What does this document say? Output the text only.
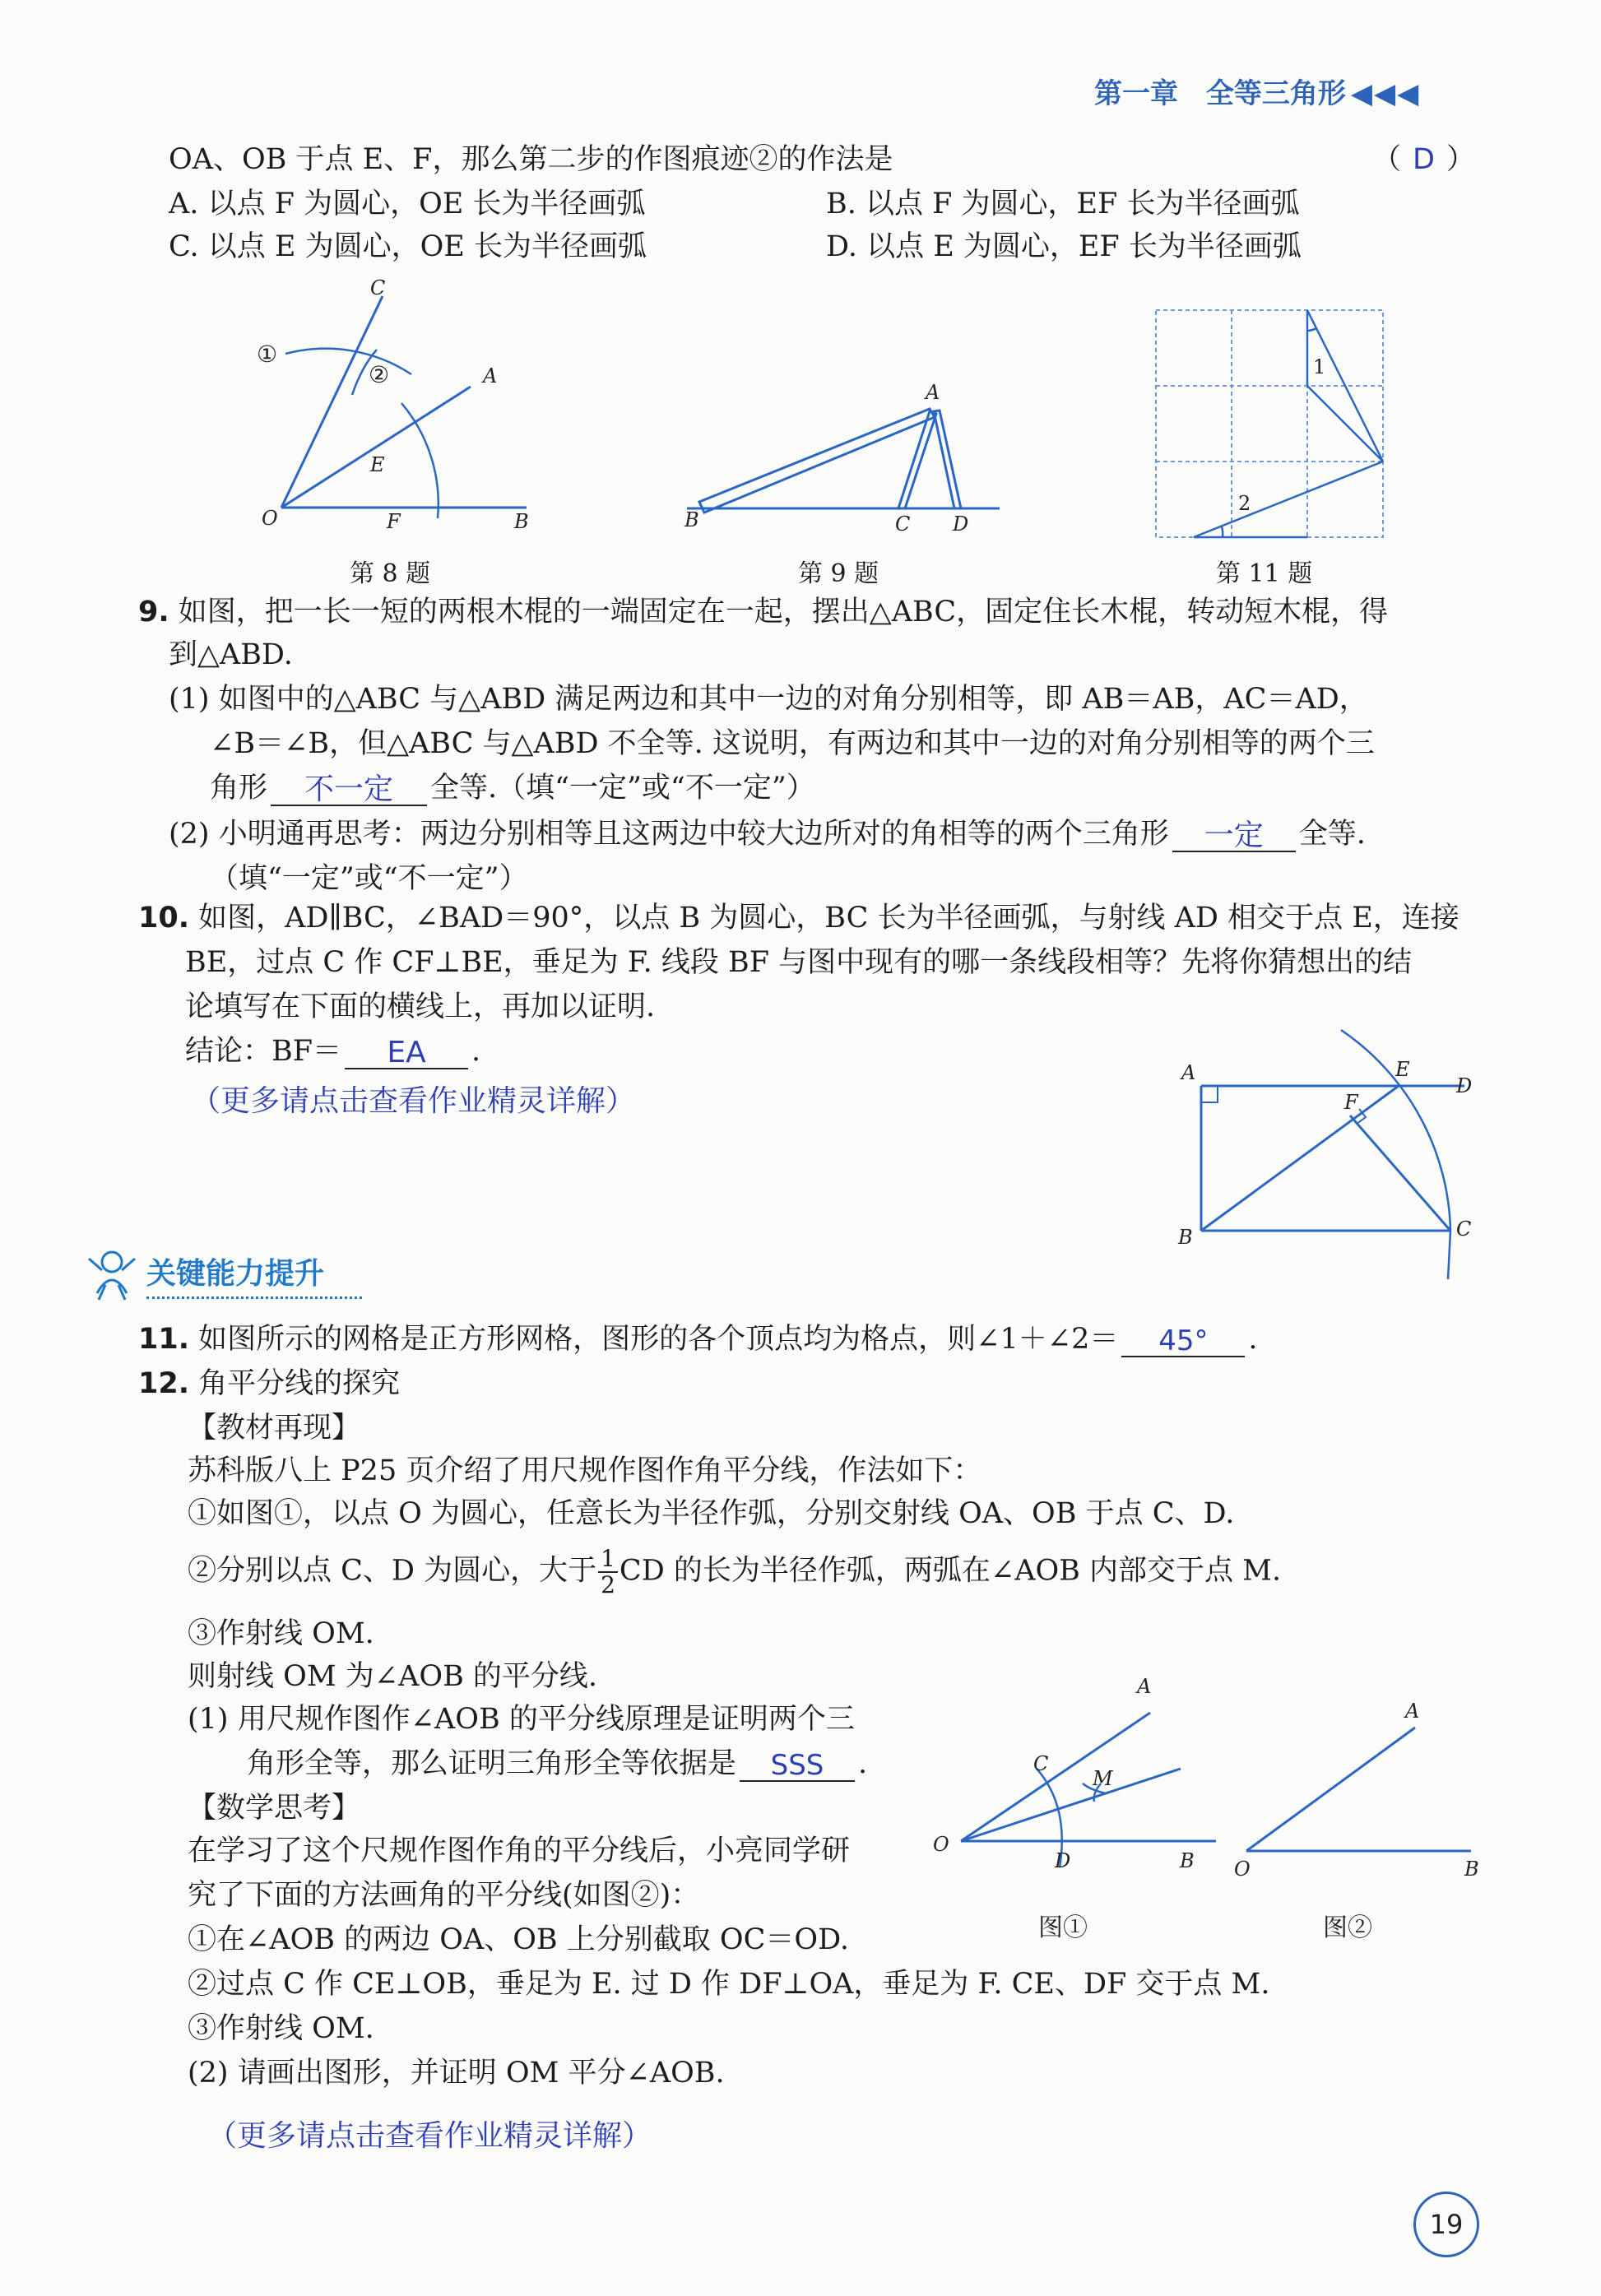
第一章 全等三角形 ◀◀◀
OA、OB 于点 E、F，那么第二步的作图痕迹②的作法是	（ D ）
A. 以点 F 为圆心，OE 长为半径画弧	B. 以点 F 为圆心，EF 长为半径画弧
C. 以点 E 为圆心，OE 长为半径画弧	D. 以点 E 为圆心，EF 长为半径画弧
C
A
E
O	F	B
①
②
第 8 题
A
B	C D
第 9 题
1
2
第 11 题
9. 如图，把一长一短的两根木棍的一端固定在一起，摆出△ABC，固定住长木棍，转动短木棍，得
到△ABD.
(1) 如图中的△ABC 与△ABD 满足两边和其中一边的对角分别相等，即 AB＝AB，AC＝AD，
∠B＝∠B，但△ABC 与△ABD 不全等. 这说明，有两边和其中一边的对角分别相等的两个三
角形 不一定 全等.（填“一定”或“不一定”）
(2) 小明通再思考：两边分别相等且这两边中较大边所对的角相等的两个三角形 一定 全等.
（填“一定”或“不一定”）
10. 如图，AD∥BC，∠BAD＝90°，以点 B 为圆心，BC 长为半径画弧，与射线 AD 相交于点 E，连接
BE，过点 C 作 CF⊥BE，垂足为 F. 线段 BF 与图中现有的哪一条线段相等？先将你猜想出的结
论填写在下面的横线上，再加以证明.
结论：BF＝ EA .
（更多请点击查看作业精灵详解）
A	E
D
F
B	C
关键能力提升
11. 如图所示的网格是正方形网格，图形的各个顶点均为格点，则∠1＋∠2＝ 45° .
12. 角平分线的探究
【教材再现】
苏科版八上 P25 页介绍了用尺规作图作角平分线，作法如下：
①如图①，以点 O 为圆心，任意长为半径作弧，分别交射线 OA、OB 于点 C、D.
②分别以点 C、D 为圆心，大于 $\frac{1}{2}$ CD 的长为半径作弧，两弧在∠AOB 内部交于点 M.
③作射线 OM.
则射线 OM 为∠AOB 的平分线.
(1) 用尺规作图作∠AOB 的平分线原理是证明两个三
角形全等，那么证明三角形全等依据是 SSS .
【数学思考】
在学习了这个尺规作图作角的平分线后，小亮同学研
究了下面的方法画角的平分线(如图②)：
①在∠AOB 的两边 OA、OB 上分别截取 OC＝OD.
②过点 C 作 CE⊥OB，垂足为 E. 过 D 作 DF⊥OA，垂足为 F. CE、DF 交于点 M.
③作射线 OM.
(2) 请画出图形，并证明 OM 平分∠AOB.
（更多请点击查看作业精灵详解）
A
C
M
O
D	B
图①
A
O	B
图②
19
